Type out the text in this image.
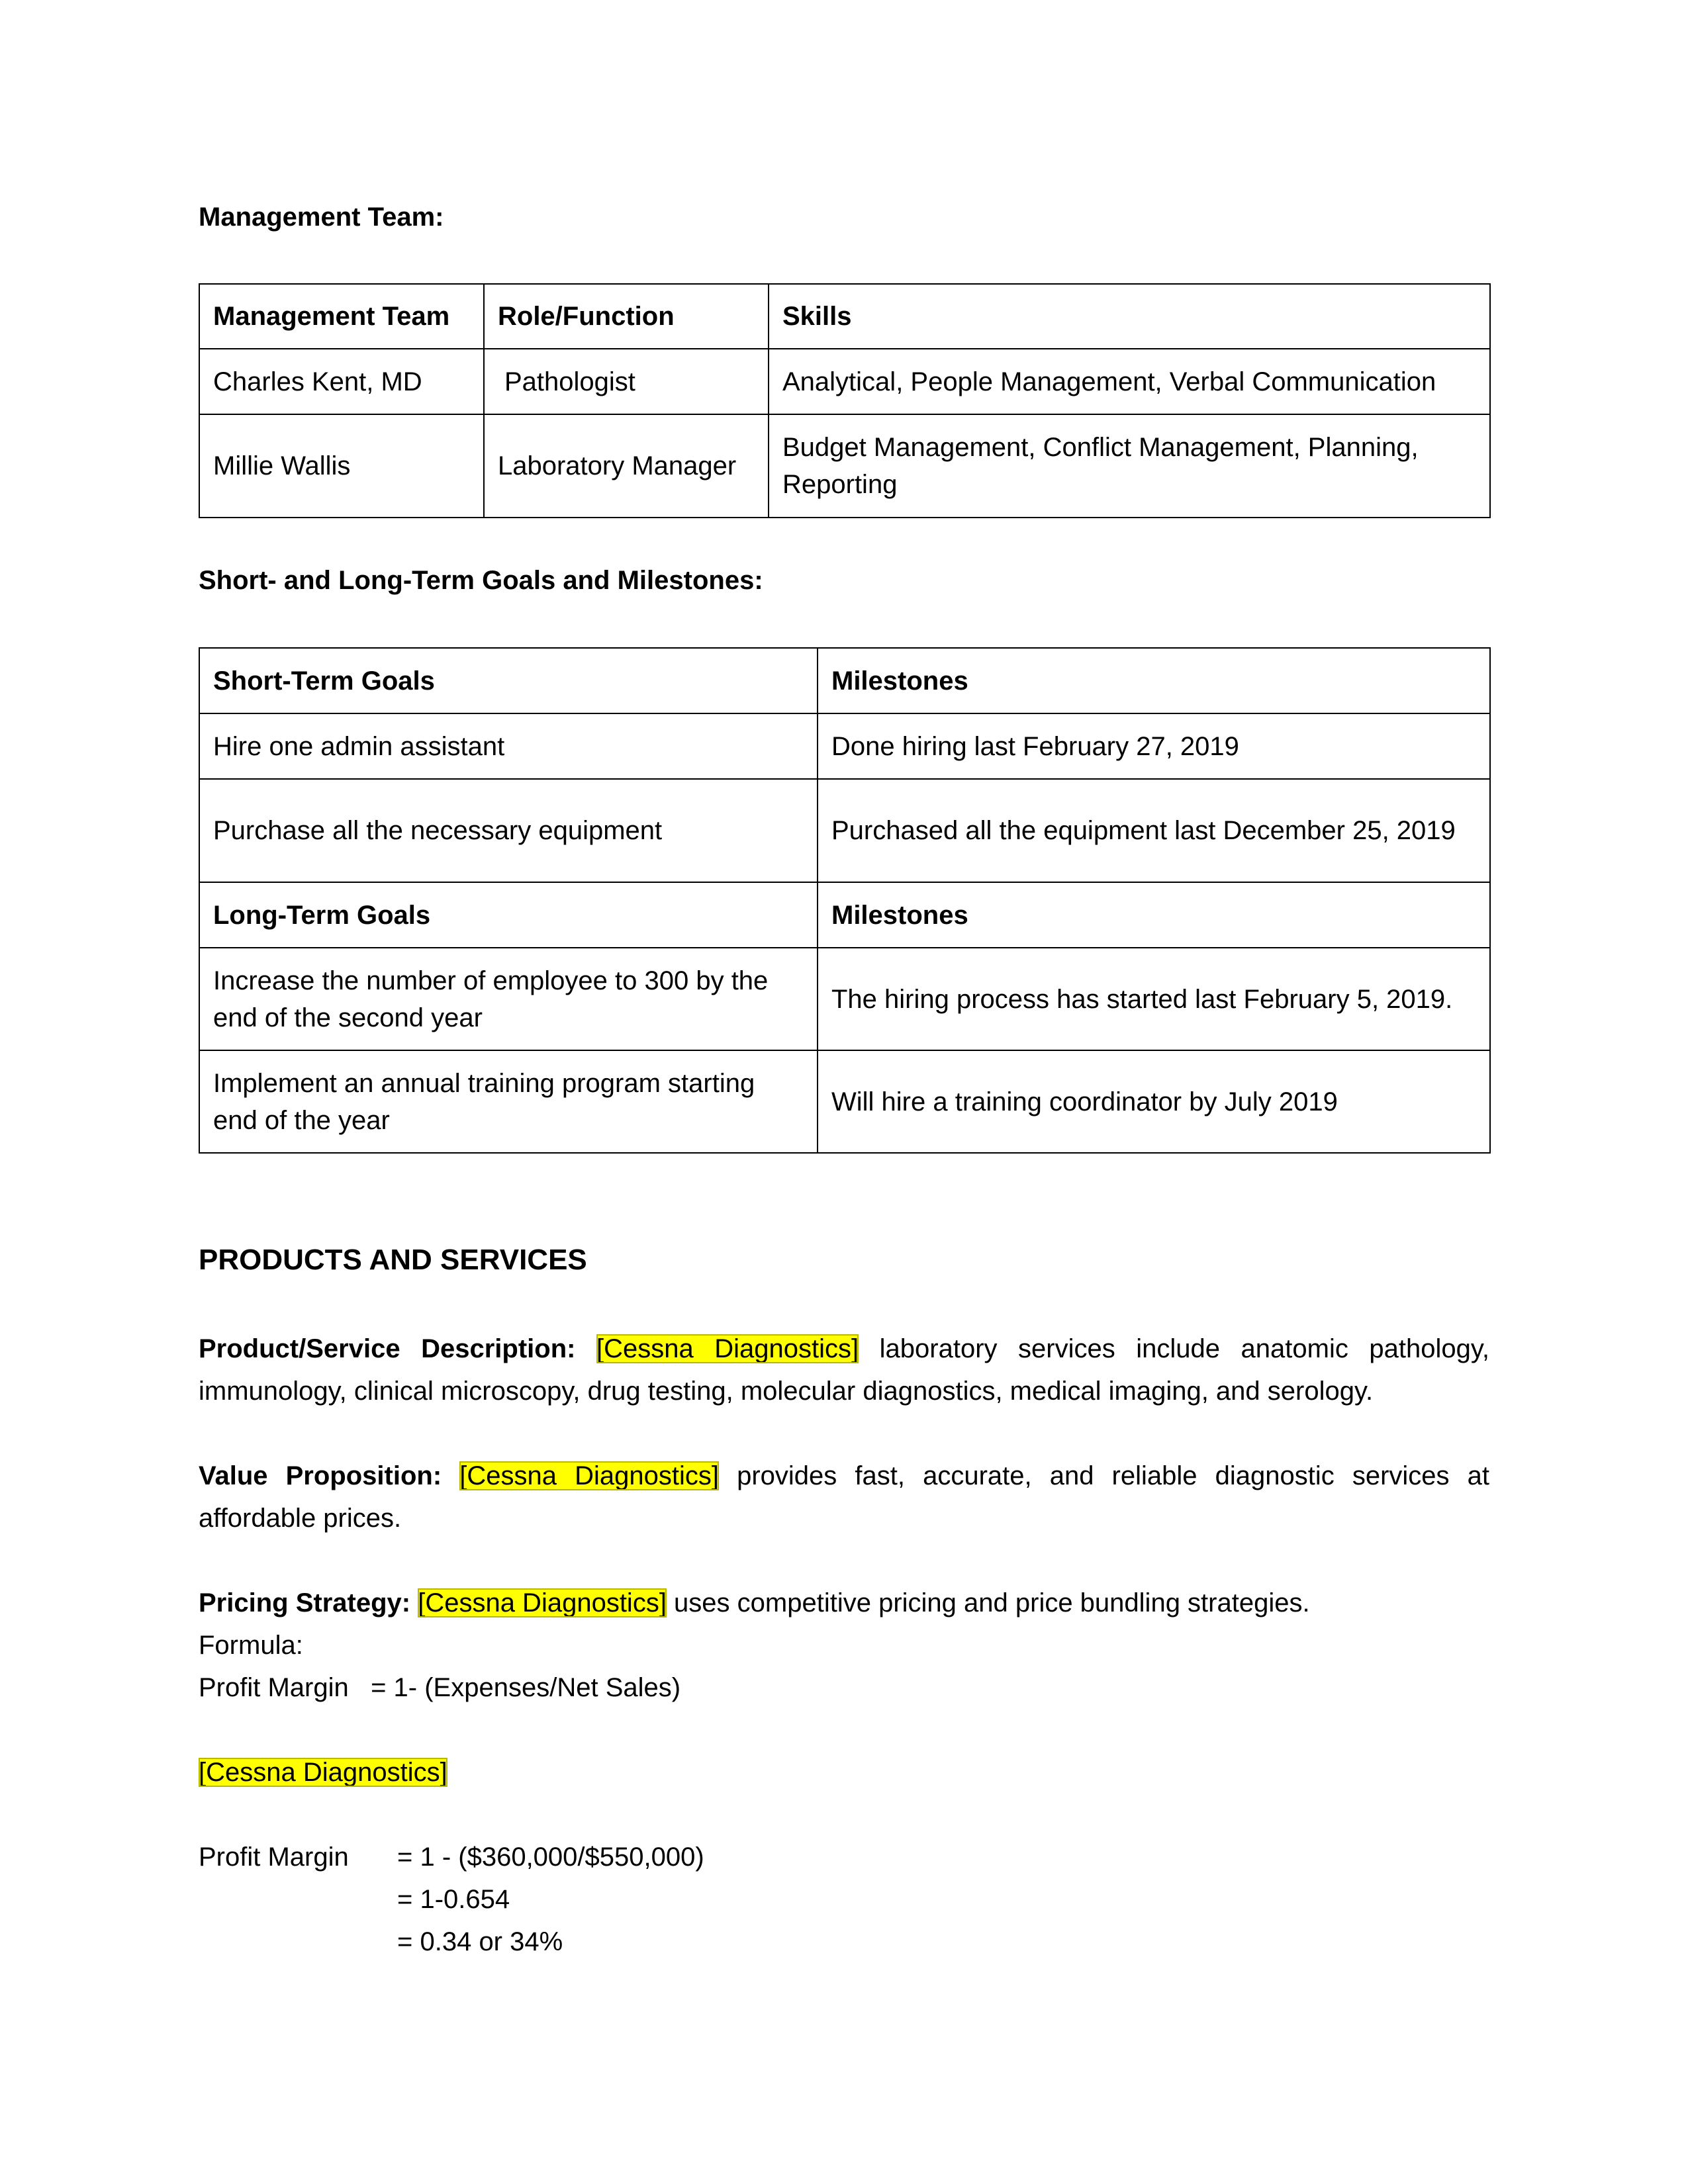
Management Team:
Management Team	Role/Function	Skills
Charles Kent, MD	Pathologist	Analytical, People Management, Verbal Communication
Millie Wallis	Laboratory Manager	Budget Management, Conflict Management, Planning, Reporting
Short- and Long-Term Goals and Milestones:
Short-Term Goals	Milestones
Hire one admin assistant	Done hiring last February 27, 2019
Purchase all the necessary equipment	Purchased all the equipment last December 25, 2019
Long-Term Goals	Milestones
Increase the number of employee to 300 by the end of the second year	The hiring process has started last February 5, 2019.
Implement an annual training program starting end of the year	Will hire a training coordinator by July 2019
PRODUCTS AND SERVICES
Product/Service Description: [Cessna Diagnostics] laboratory services include anatomic pathology, immunology, clinical microscopy, drug testing, molecular diagnostics, medical imaging, and serology.
Value Proposition: [Cessna Diagnostics] provides fast, accurate, and reliable diagnostic services at affordable prices.
Pricing Strategy: [Cessna Diagnostics] uses competitive pricing and price bundling strategies.
Formula:
Profit Margin   = 1- (Expenses/Net Sales)
[Cessna Diagnostics]
Profit Margin = 1 - ($360,000/$550,000)
= 1-0.654
= 0.34 or 34%
